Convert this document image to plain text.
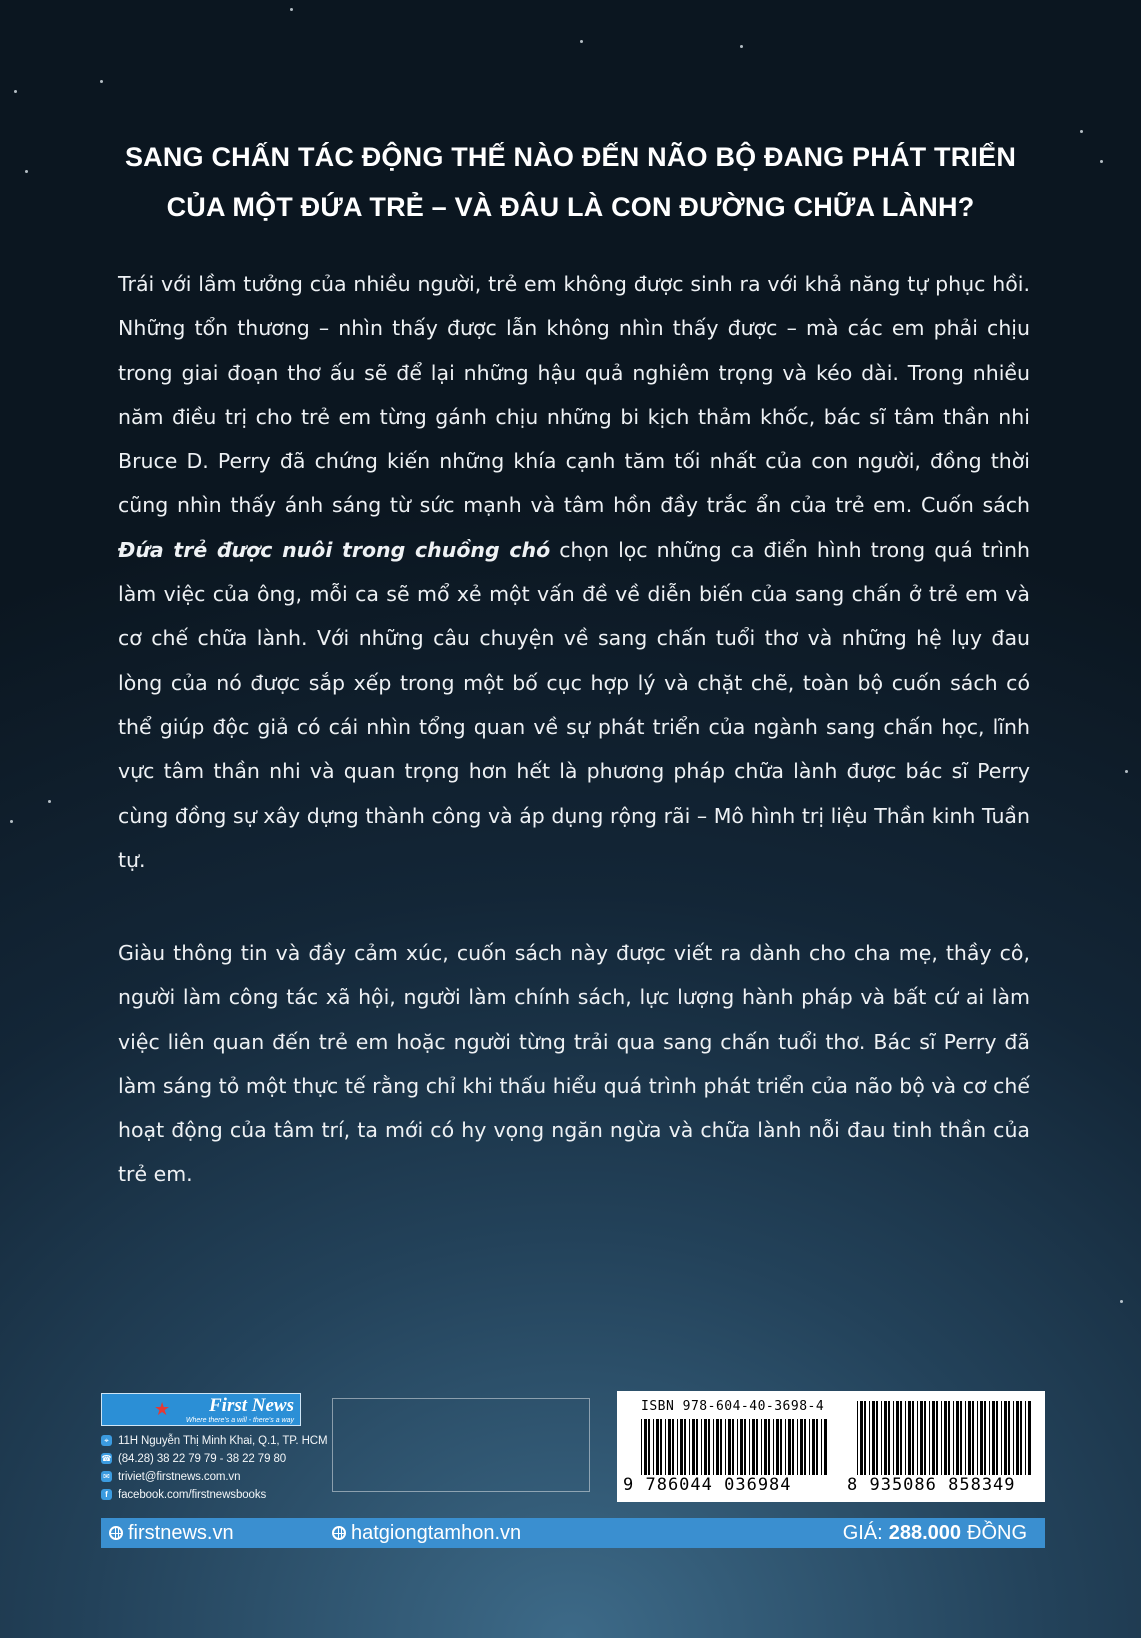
SANG CHẤN TÁC ĐỘNG THẾ NÀO ĐẾN NÃO BỘ ĐANG PHÁT TRIỂN
CỦA MỘT ĐỨA TRẺ – VÀ ĐÂU LÀ CON ĐƯỜNG CHỮA LÀNH?
Trái với lầm tưởng của nhiều người, trẻ em không được sinh ra với khả năng tự phục hồi. Những tổn thương – nhìn thấy được lẫn không nhìn thấy được – mà các em phải chịu trong giai đoạn thơ ấu sẽ để lại những hậu quả nghiêm trọng và kéo dài. Trong nhiều năm điều trị cho trẻ em từng gánh chịu những bi kịch thảm khốc, bác sĩ tâm thần nhi Bruce D. Perry đã chứng kiến những khía cạnh tăm tối nhất của con người, đồng thời cũng nhìn thấy ánh sáng từ sức mạnh và tâm hồn đầy trắc ẩn của trẻ em. Cuốn sách Đứa trẻ được nuôi trong chuồng chó chọn lọc những ca điển hình trong quá trình làm việc của ông, mỗi ca sẽ mổ xẻ một vấn đề về diễn biến của sang chấn ở trẻ em và cơ chế chữa lành. Với những câu chuyện về sang chấn tuổi thơ và những hệ lụy đau lòng của nó được sắp xếp trong một bố cục hợp lý và chặt chẽ, toàn bộ cuốn sách có thể giúp độc giả có cái nhìn tổng quan về sự phát triển của ngành sang chấn học, lĩnh vực tâm thần nhi và quan trọng hơn hết là phương pháp chữa lành được bác sĩ Perry cùng đồng sự xây dựng thành công và áp dụng rộng rãi – Mô hình trị liệu Thần kinh Tuần tự.
Giàu thông tin và đầy cảm xúc, cuốn sách này được viết ra dành cho cha mẹ, thầy cô, người làm công tác xã hội, người làm chính sách, lực lượng hành pháp và bất cứ ai làm việc liên quan đến trẻ em hoặc người từng trải qua sang chấn tuổi thơ. Bác sĩ Perry đã làm sáng tỏ một thực tế rằng chỉ khi thấu hiểu quá trình phát triển của não bộ và cơ chế hoạt động của tâm trí, ta mới có hy vọng ngăn ngừa và chữa lành nỗi đau tinh thần của trẻ em.
★ First News
Where there's a will - there's a way
⌖ 11H Nguyễn Thị Minh Khai, Q.1, TP. HCM
☎ (84.28) 38 22 79 79 - 38 22 79 80
✉ triviet@firstnews.com.vn
f facebook.com/firstnewsbooks
ISBN 978-604-40-3698-4
9 786044 036984	8 935086 858349
firstnews.vn	hatgiongtamhon.vn	GIÁ: 288.000 ĐỒNG
